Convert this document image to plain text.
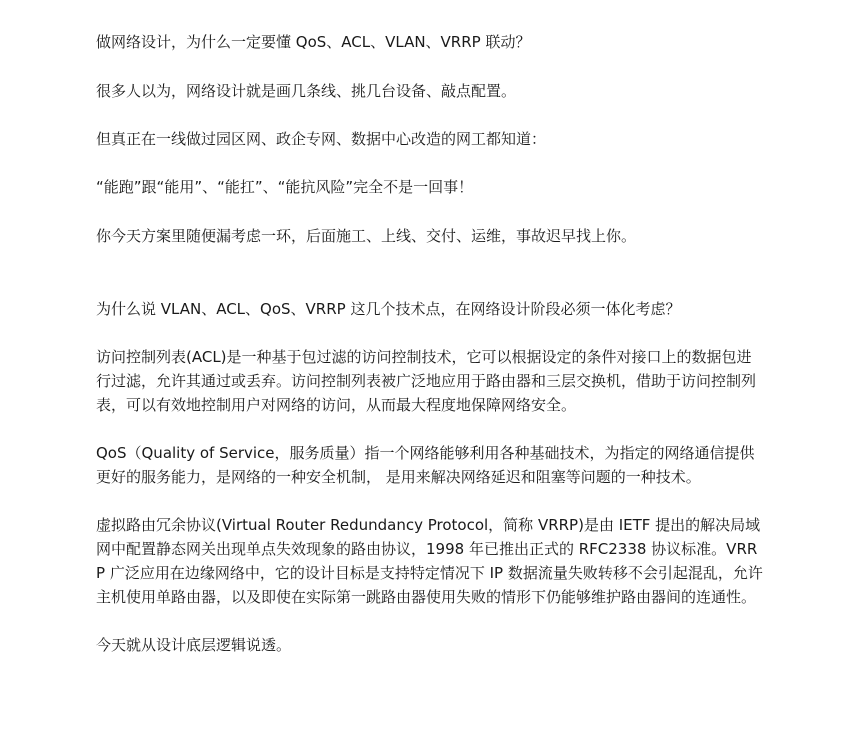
做网络设计，为什么一定要懂 QoS、ACL、VLAN、VRRP 联动？

很多人以为，网络设计就是画几条线、挑几台设备、敲点配置。

但真正在一线做过园区网、政企专网、数据中心改造的网工都知道：

“能跑”跟“能用”、“能扛”、“能抗风险”完全不是一回事！

你今天方案里随便漏考虑一环，后面施工、上线、交付、运维，事故迟早找上你。

为什么说 VLAN、ACL、QoS、VRRP 这几个技术点，在网络设计阶段必须一体化考虑？

访问控制列表(ACL)是一种基于包过滤的访问控制技术，它可以根据设定的条件对接口上的数据包进行过滤，允许其通过或丢弃。访问控制列表被广泛地应用于路由器和三层交换机，借助于访问控制列表，可以有效地控制用户对网络的访问，从而最大程度地保障网络安全。

QoS（Quality of Service，服务质量）指一个网络能够利用各种基础技术，为指定的网络通信提供更好的服务能力，是网络的一种安全机制， 是用来解决网络延迟和阻塞等问题的一种技术。

虚拟路由冗余协议(Virtual Router Redundancy Protocol，简称 VRRP)是由 IETF 提出的解决局域网中配置静态网关出现单点失效现象的路由协议，1998 年已推出正式的 RFC2338 协议标准。VRRP 广泛应用在边缘网络中，它的设计目标是支持特定情况下 IP 数据流量失败转移不会引起混乱，允许主机使用单路由器，以及即使在实际第一跳路由器使用失败的情形下仍能够维护路由器间的连通性。

今天就从设计底层逻辑说透。
